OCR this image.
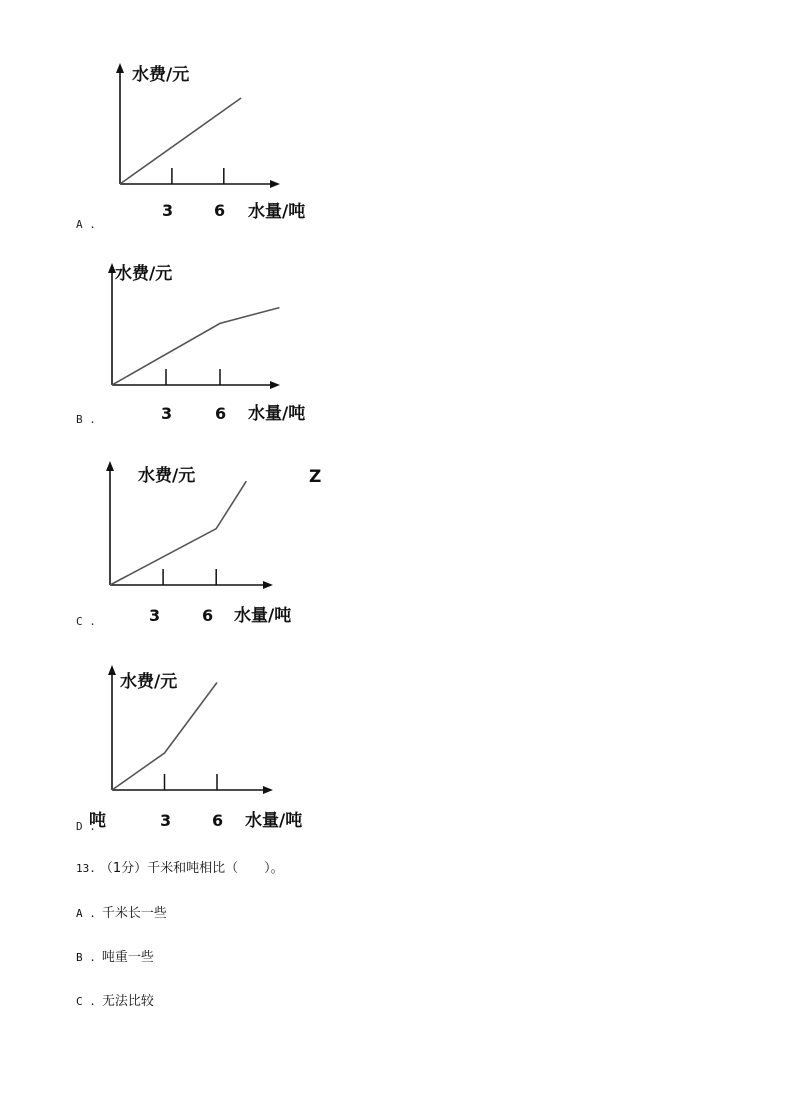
水费/元
3	6 水量/吨
A .
水费/元
3	6 水量/吨
B .
水费/元	Z
3	6 水量/吨
C .
水费/元
3	6 水量/吨
D .
吨
13. （1分）千米和吨相比（　　）。
A . 千米长一些
B . 吨重一些
C . 无法比较
